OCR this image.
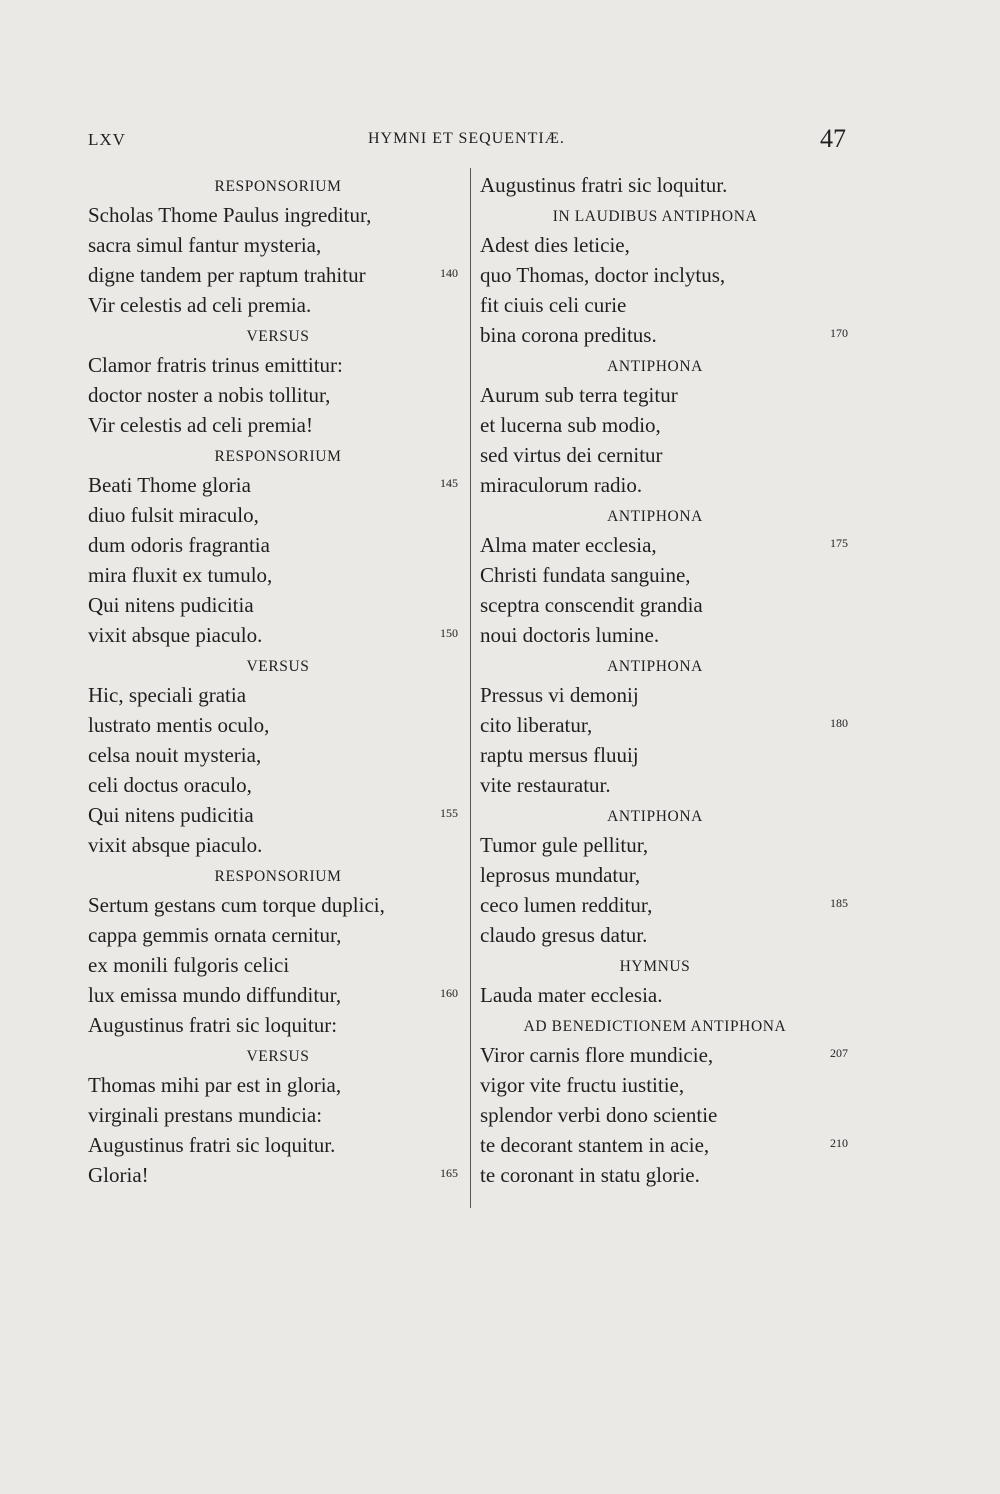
LXV	HYMNI ET SEQUENTIÆ.	47
RESPONSORIUM
Scholas Thome Paulus ingreditur,
sacra simul fantur mysteria,
digne tandem per raptum trahitur	140
Vir celestis ad celi premia.
VERSUS
Clamor fratris trinus emittitur:
doctor noster a nobis tollitur,
Vir celestis ad celi premia!
RESPONSORIUM
Beati Thome gloria	145
diuo fulsit miraculo,
dum odoris fragrantia
mira fluxit ex tumulo,
Qui nitens pudicitia
vixit absque piaculo.	150
VERSUS
Hic, speciali gratia
lustrato mentis oculo,
celsa nouit mysteria,
celi doctus oraculo,
Qui nitens pudicitia	155
vixit absque piaculo.
RESPONSORIUM
Sertum gestans cum torque duplici,
cappa gemmis ornata cernitur,
ex monili fulgoris celici
lux emissa mundo diffunditur,	160
Augustinus fratri sic loquitur:
VERSUS
Thomas mihi par est in gloria,
virginali prestans mundicia:
Augustinus fratri sic loquitur.
Gloria!	165
Augustinus fratri sic loquitur.
IN LAUDIBUS ANTIPHONA
Adest dies leticie,
quo Thomas, doctor inclytus,
fit ciuis celi curie
bina corona preditus.	170
ANTIPHONA
Aurum sub terra tegitur
et lucerna sub modio,
sed virtus dei cernitur
miraculorum radio.
ANTIPHONA
Alma mater ecclesia,	175
Christi fundata sanguine,
sceptra conscendit grandia
noui doctoris lumine.
ANTIPHONA
Pressus vi demonij
cito liberatur,	180
raptu mersus fluuij
vite restauratur.
ANTIPHONA
Tumor gule pellitur,
leprosus mundatur,
ceco lumen redditur,	185
claudo gresus datur.
HYMNUS
Lauda mater ecclesia.
AD BENEDICTIONEM ANTIPHONA
Viror carnis flore mundicie,	207
vigor vite fructu iustitie,
splendor verbi dono scientie
te decorant stantem in acie,	210
te coronant in statu glorie.
